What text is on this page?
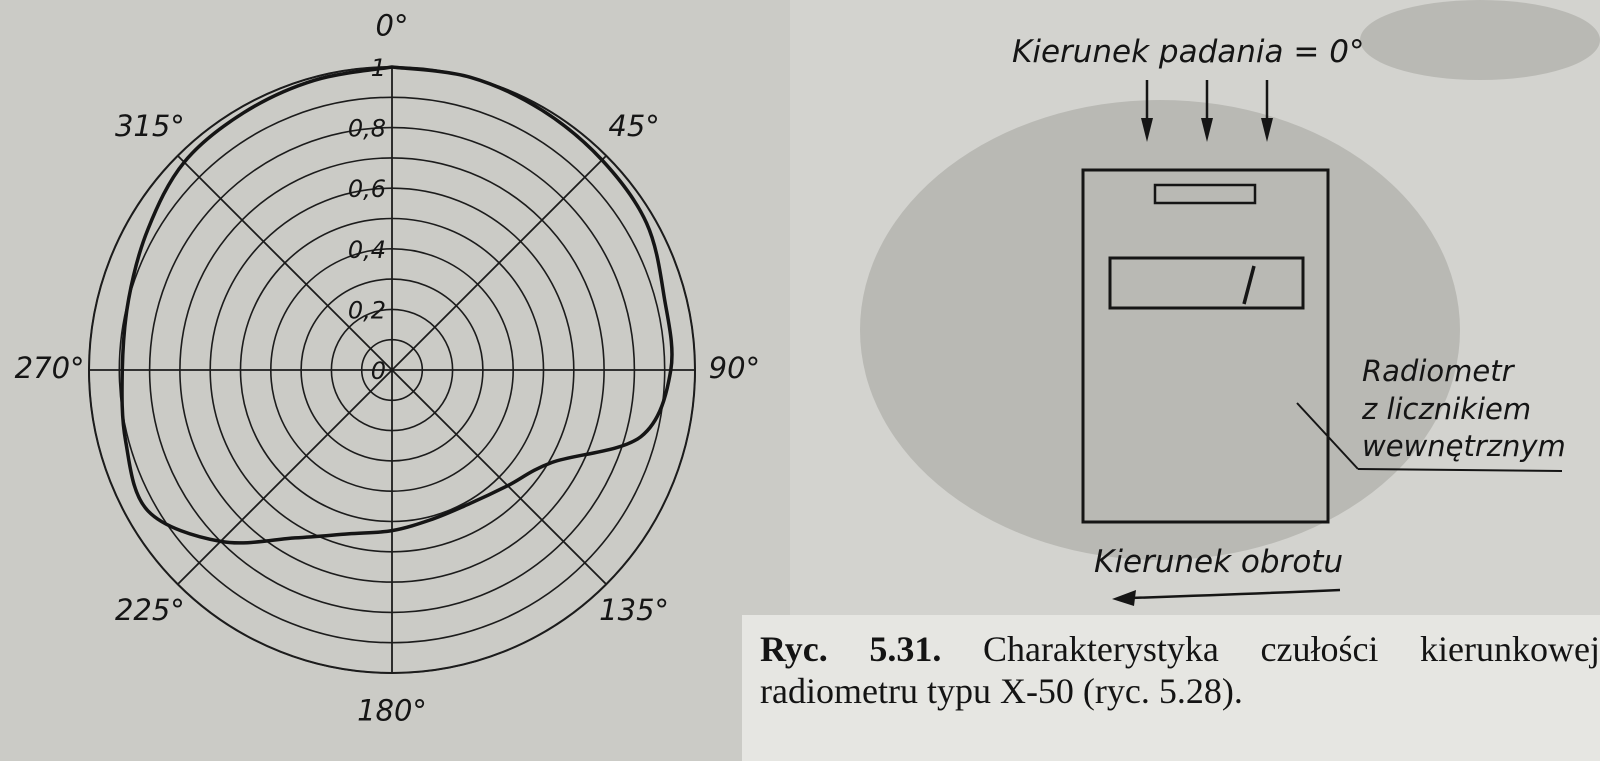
0°
45°
90°
135°
180°
225°
270°
315°
1
0,8
0,6
0,4
0,2
0
Kierunek padania = 0°
Radiometr
z licznikiem
wewnętrznym
Kierunek obrotu
Ryc. 5.31. Charakterystyka czułości kierunkowej radiometru typu X-50 (ryc. 5.28).
